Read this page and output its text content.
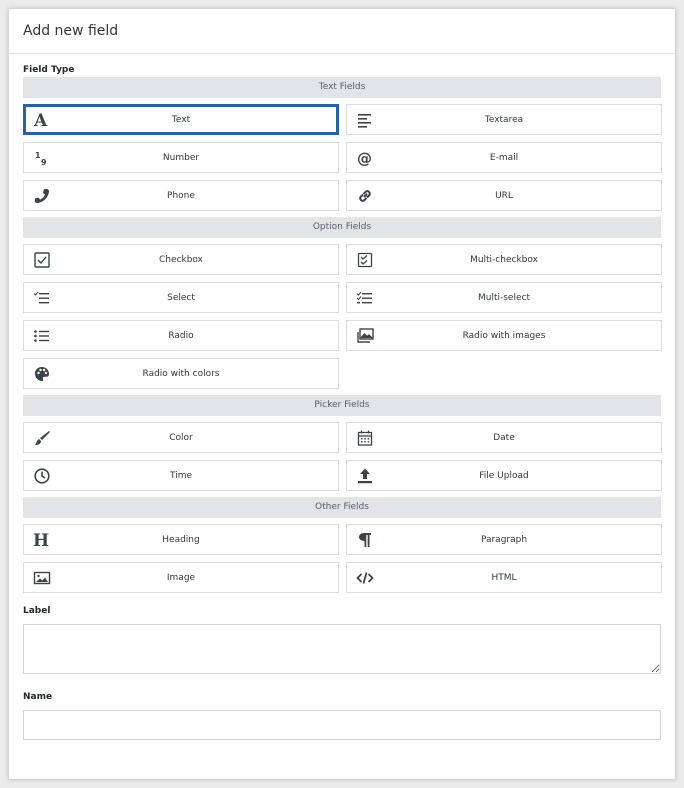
Add new field
Field Type
Text Fields
A	Text	Textarea
1
9	Number	@	E-mail
Phone	URL
Option Fields
Checkbox	Multi-checkbox
Select	Multi-select
Radio	Radio with images
Radio with colors
Picker Fields
Color	Date
Time	File Upload
Other Fields
H	Heading	Paragraph
Image	HTML
Label
Name
